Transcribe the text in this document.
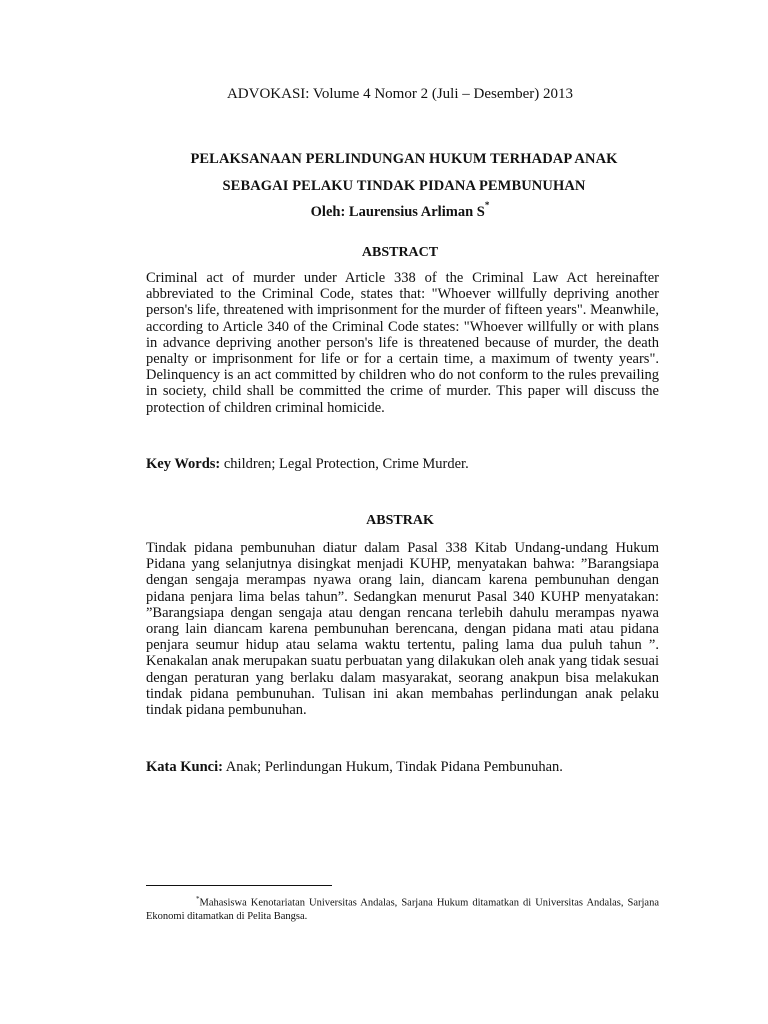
ADVOKASI: Volume 4 Nomor 2 (Juli – Desember) 2013
PELAKSANAAN PERLINDUNGAN HUKUM TERHADAP ANAK
SEBAGAI PELAKU TINDAK PIDANA PEMBUNUHAN
Oleh: Laurensius Arliman S*
ABSTRACT

Criminal act of murder under Article 338 of the Criminal Law Act hereinafter abbreviated to the Criminal Code, states that: "Whoever willfully depriving another person's life, threatened with imprisonment for the murder of fifteen years". Meanwhile, according to Article 340 of the Criminal Code states: "Whoever willfully or with plans in advance depriving another person's life is threatened because of murder, the death penalty or imprisonment for life or for a certain time, a maximum of twenty years". Delinquency is an act committed by children who do not conform to the rules prevailing in society, child shall be committed the crime of murder. This paper will discuss the protection of children criminal homicide.

Key Words: children; Legal Protection, Crime Murder.
ABSTRAK

Tindak pidana pembunuhan diatur dalam Pasal 338 Kitab Undang-undang Hukum Pidana yang selanjutnya disingkat menjadi KUHP, menyatakan bahwa: ”Barangsiapa dengan sengaja merampas nyawa orang lain, diancam karena pembunuhan dengan pidana penjara lima belas tahun”. Sedangkan menurut Pasal 340 KUHP menyatakan: ”Barangsiapa dengan sengaja atau dengan rencana terlebih dahulu merampas nyawa orang lain diancam karena pembunuhan berencana, dengan pidana mati atau pidana penjara seumur hidup atau selama waktu tertentu, paling lama dua puluh tahun ”. Kenakalan anak merupakan suatu perbuatan yang dilakukan oleh anak yang tidak sesuai dengan peraturan yang berlaku dalam masyarakat, seorang anakpun bisa melakukan tindak pidana pembunuhan. Tulisan ini akan membahas perlindungan anak pelaku tindak pidana pembunuhan.

Kata Kunci: Anak; Perlindungan Hukum, Tindak Pidana Pembunuhan.

*Mahasiswa Kenotariatan Universitas Andalas, Sarjana Hukum ditamatkan di Universitas Andalas, Sarjana Ekonomi ditamatkan di Pelita Bangsa.
